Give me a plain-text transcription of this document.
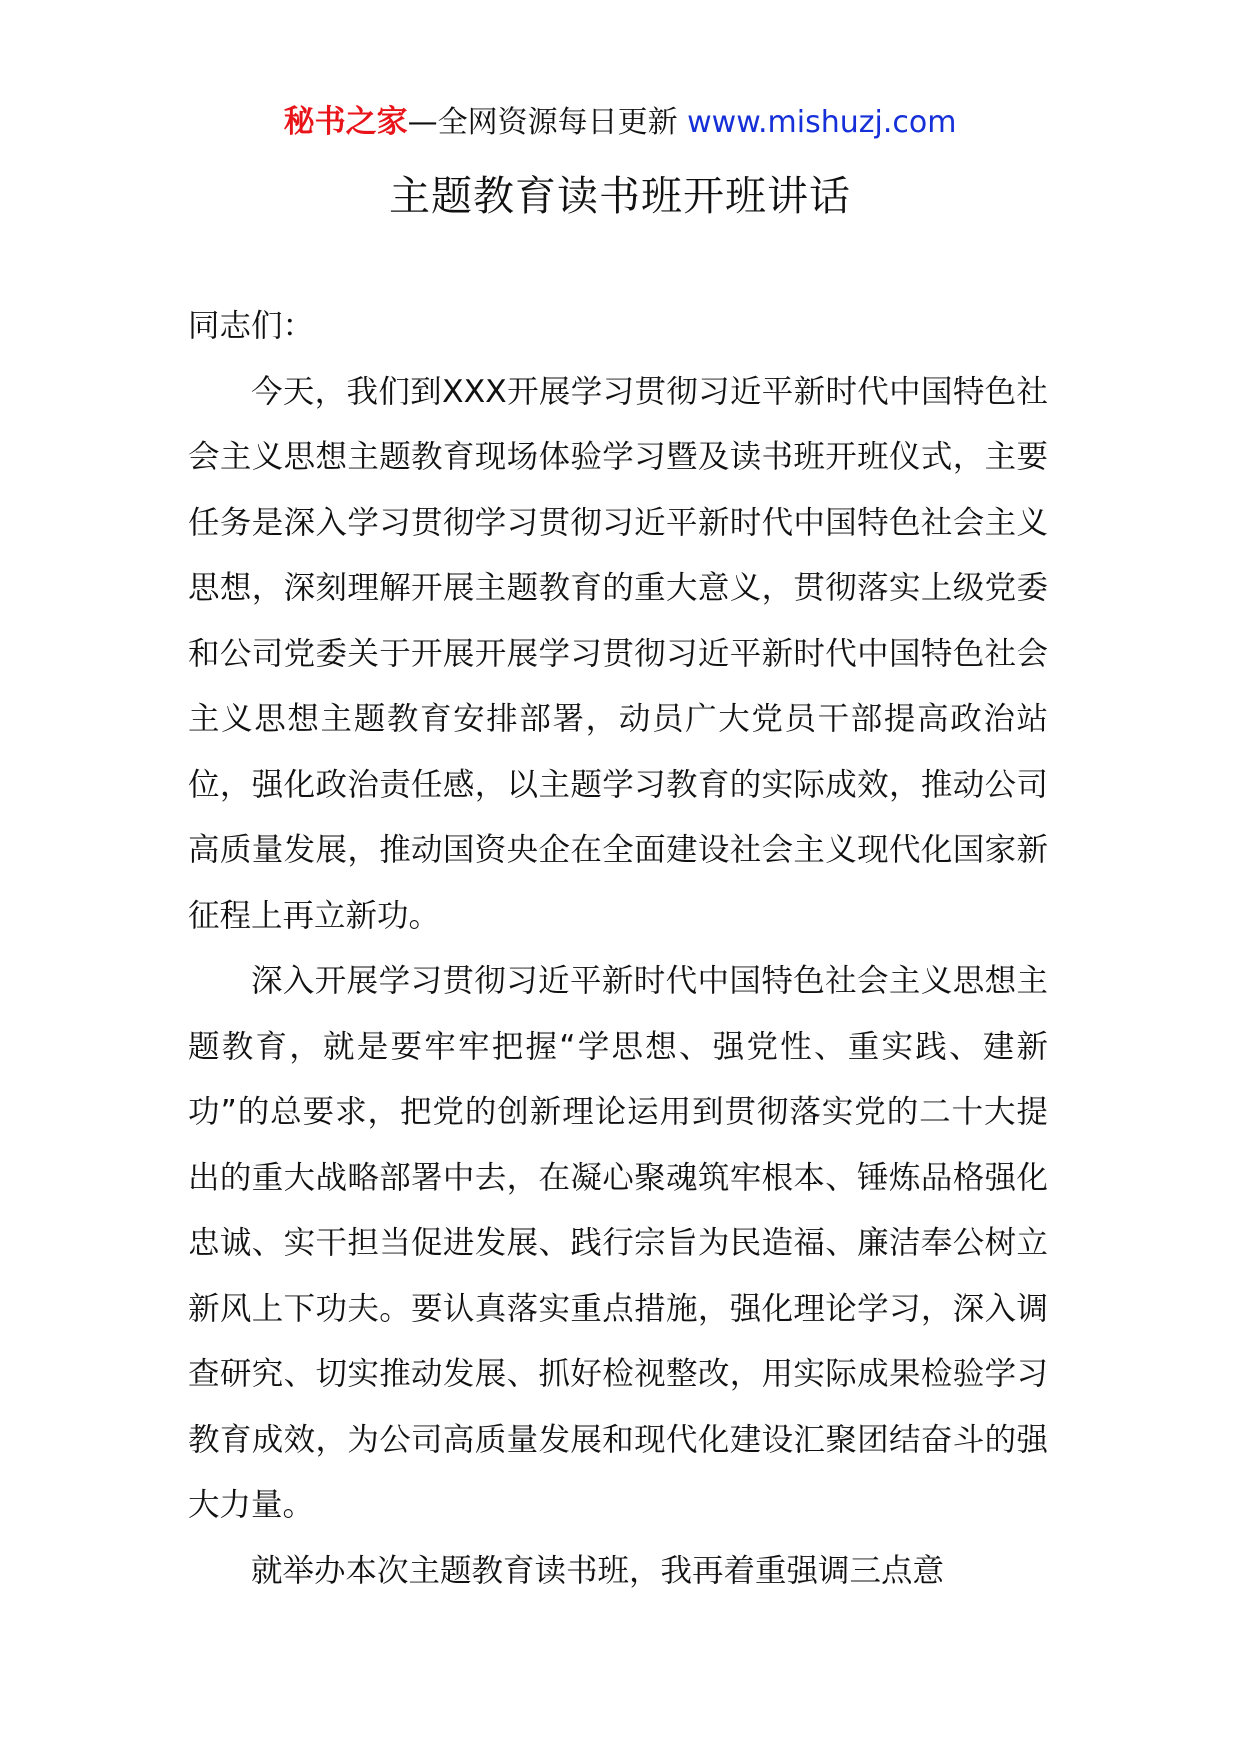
秘书之家—全网资源每日更新 www.mishuzj.com
主题教育读书班开班讲话

同志们：

今天，我们到XXX开展学习贯彻习近平新时代中国特色社会主义思想主题教育现场体验学习暨及读书班开班仪式，主要任务是深入学习贯彻学习贯彻习近平新时代中国特色社会主义思想，深刻理解开展主题教育的重大意义，贯彻落实上级党委和公司党委关于开展开展学习贯彻习近平新时代中国特色社会主义思想主题教育安排部署，动员广大党员干部提高政治站位，强化政治责任感，以主题学习教育的实际成效，推动公司高质量发展，推动国资央企在全面建设社会主义现代化国家新征程上再立新功。

深入开展学习贯彻习近平新时代中国特色社会主义思想主题教育，就是要牢牢把握“学思想、强党性、重实践、建新功”的总要求，把党的创新理论运用到贯彻落实党的二十大提出的重大战略部署中去，在凝心聚魂筑牢根本、锤炼品格强化忠诚、实干担当促进发展、践行宗旨为民造福、廉洁奉公树立新风上下功夫。要认真落实重点措施，强化理论学习，深入调查研究、切实推动发展、抓好检视整改，用实际成果检验学习教育成效，为公司高质量发展和现代化建设汇聚团结奋斗的强大力量。

就举办本次主题教育读书班，我再着重强调三点意
